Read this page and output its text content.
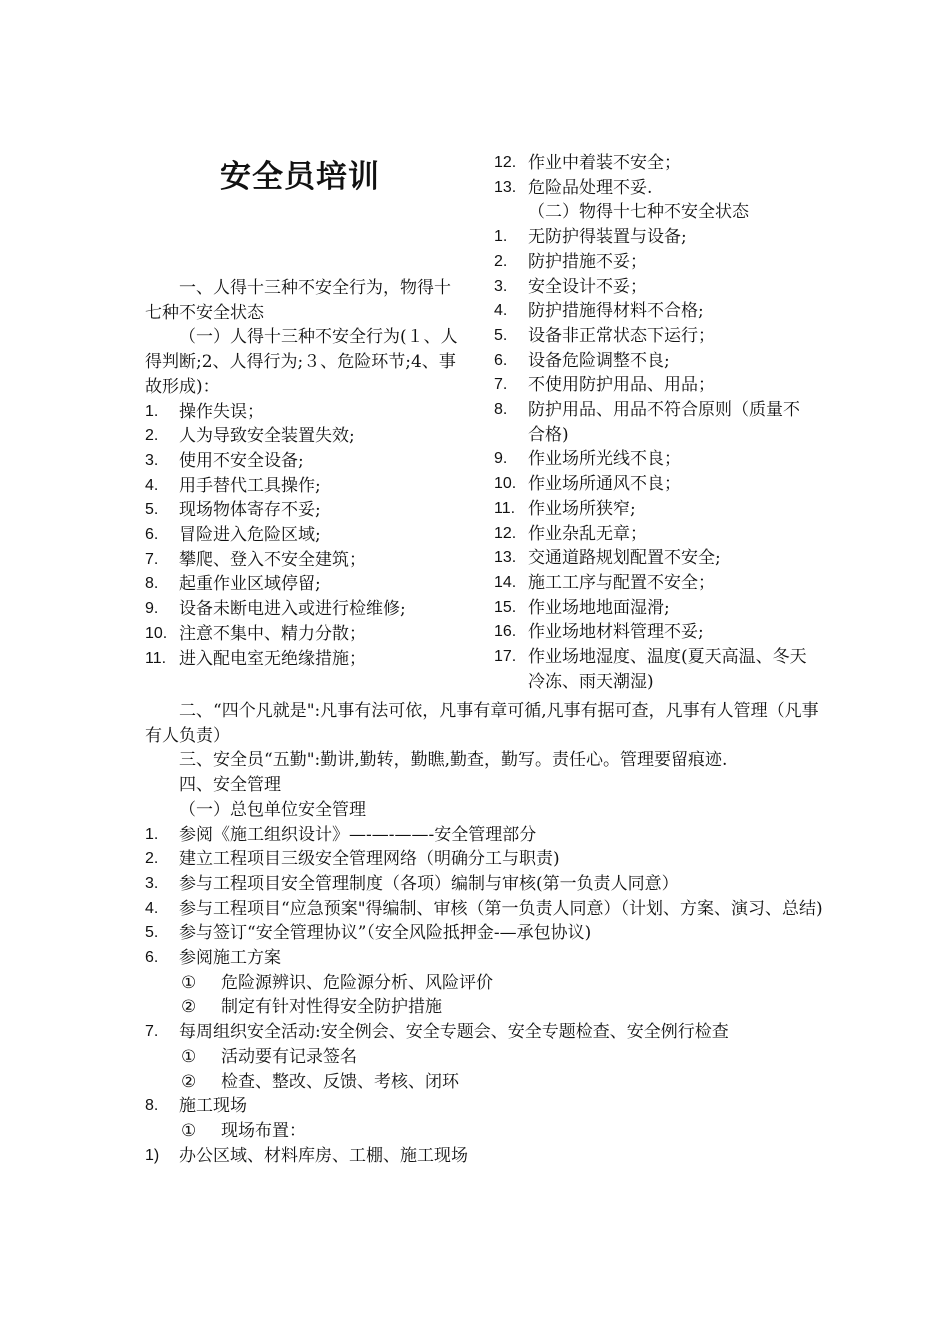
安全员培训
一、人得十三种不安全行为，物得十七种不安全状态
（一）人得十三种不安全行为(１、人得判断;2、人得行为;３、危险环节;4、事故形成)：
1.	操作失误；
2.	人为导致安全装置失效;
3.	使用不安全设备;
4.	用手替代工具操作;
5.	现场物体寄存不妥;
6.	冒险进入危险区域;
7.	攀爬、登入不安全建筑；
8.	起重作业区域停留;
9.	设备未断电进入或进行检维修;
10. 注意不集中、精力分散；
11. 进入配电室无绝缘措施；
12. 作业中着装不安全；
13. 危险品处理不妥.
（二）物得十七种不安全状态
1.	无防护得装置与设备;
2.	防护措施不妥；
3.	安全设计不妥；
4.	防护措施得材料不合格;
5.	设备非正常状态下运行；
6.	设备危险调整不良;
7.	不使用防护用品、用品；
8.	防护用品、用品不符合原则（质量不合格)
9.	作业场所光线不良；
10. 作业场所通风不良；
11. 作业场所狭窄;
12. 作业杂乱无章；
13. 交通道路规划配置不安全;
14. 施工工序与配置不安全；
15. 作业场地地面湿滑;
16. 作业场地材料管理不妥;
17. 作业场地湿度、温度(夏天高温、冬天冷冻、雨天潮湿)
二、“四个凡就是":凡事有法可依，凡事有章可循,凡事有据可查，凡事有人管理（凡事有人负责）
三、安全员“五勤":勤讲,勤转，勤瞧,勤查，勤写。责任心。管理要留痕迹.
四、安全管理
（一）总包单位安全管理
1.	参阅《施工组织设计》—-—-——-安全管理部分
2.	建立工程项目三级安全管理网络（明确分工与职责)
3.	参与工程项目安全管理制度（各项）编制与审核(第一负责人同意）
4.	参与工程项目“应急预案"得编制、审核（第一负责人同意）（计划、方案、演习、总结)
5.	参与签订“安全管理协议”（安全风险抵押金-—承包协议)
6.	参阅施工方案
①	危险源辨识、危险源分析、风险评价
②	制定有针对性得安全防护措施
7.	每周组织安全活动:安全例会、安全专题会、安全专题检查、安全例行检查
①	活动要有记录签名
②	检查、整改、反馈、考核、闭环
8.	施工现场
①	现场布置：
1)	办公区域、材料库房、工棚、施工现场
